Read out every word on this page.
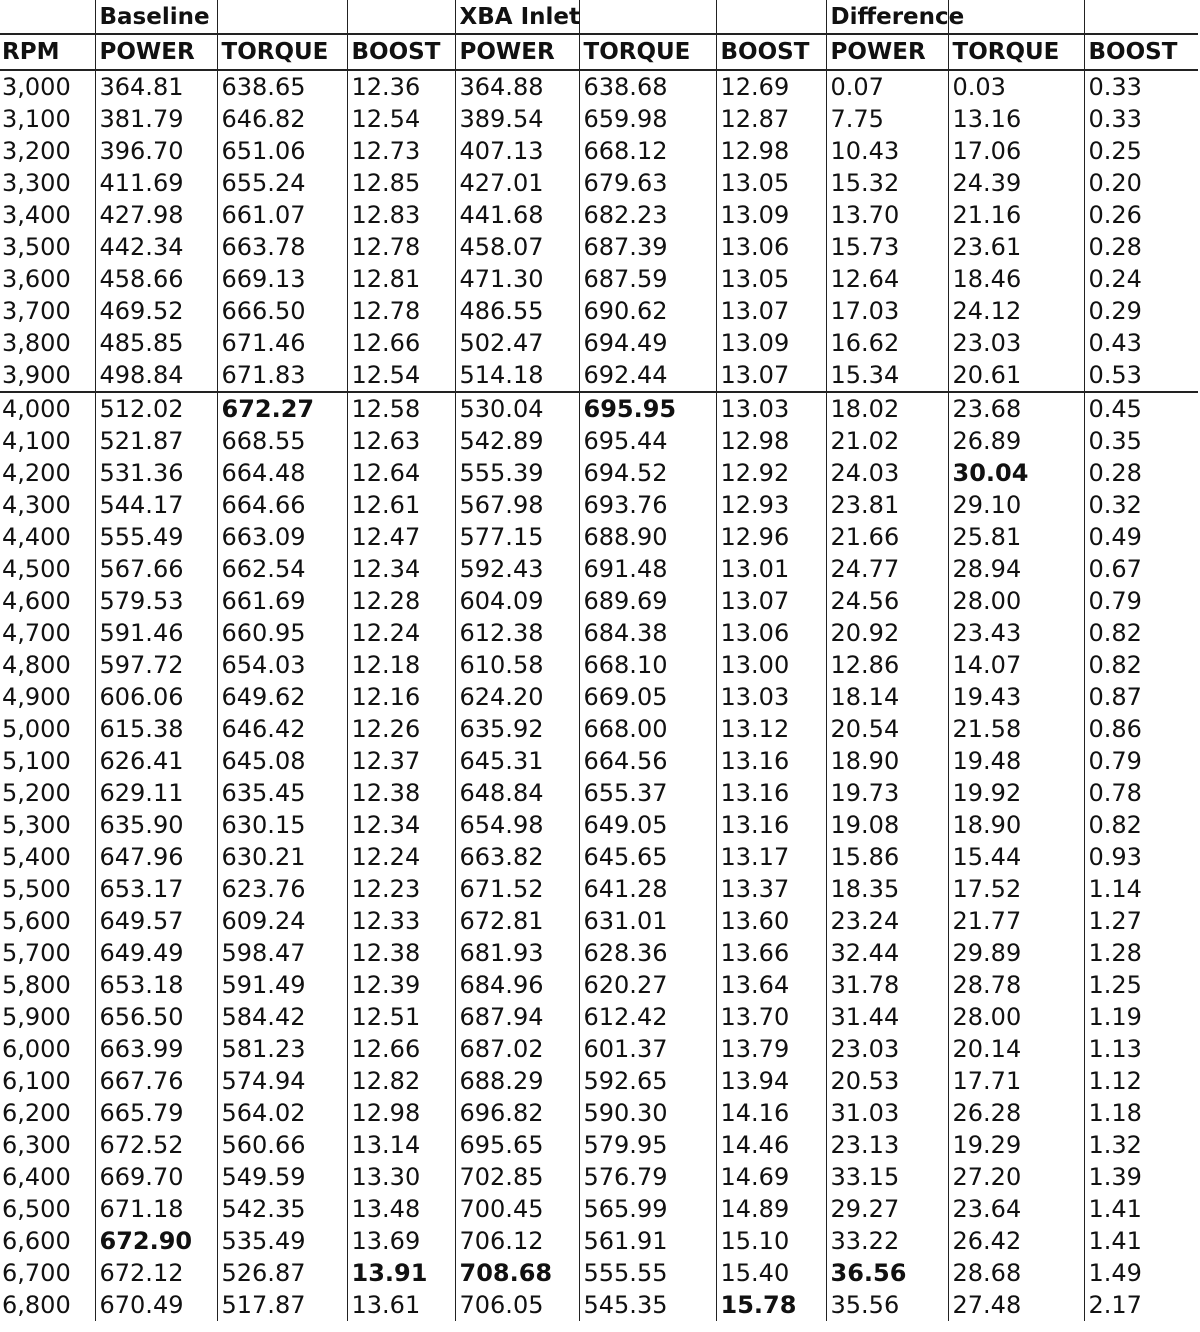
	Baseline			XBA Inlet			Difference		
RPM	POWER	TORQUE	BOOST	POWER	TORQUE	BOOST	POWER	TORQUE	BOOST
3,000	364.81	638.65	12.36	364.88	638.68	12.69	0.07	0.03	0.33
3,100	381.79	646.82	12.54	389.54	659.98	12.87	7.75	13.16	0.33
3,200	396.70	651.06	12.73	407.13	668.12	12.98	10.43	17.06	0.25
3,300	411.69	655.24	12.85	427.01	679.63	13.05	15.32	24.39	0.20
3,400	427.98	661.07	12.83	441.68	682.23	13.09	13.70	21.16	0.26
3,500	442.34	663.78	12.78	458.07	687.39	13.06	15.73	23.61	0.28
3,600	458.66	669.13	12.81	471.30	687.59	13.05	12.64	18.46	0.24
3,700	469.52	666.50	12.78	486.55	690.62	13.07	17.03	24.12	0.29
3,800	485.85	671.46	12.66	502.47	694.49	13.09	16.62	23.03	0.43
3,900	498.84	671.83	12.54	514.18	692.44	13.07	15.34	20.61	0.53
4,000	512.02	672.27	12.58	530.04	695.95	13.03	18.02	23.68	0.45
4,100	521.87	668.55	12.63	542.89	695.44	12.98	21.02	26.89	0.35
4,200	531.36	664.48	12.64	555.39	694.52	12.92	24.03	30.04	0.28
4,300	544.17	664.66	12.61	567.98	693.76	12.93	23.81	29.10	0.32
4,400	555.49	663.09	12.47	577.15	688.90	12.96	21.66	25.81	0.49
4,500	567.66	662.54	12.34	592.43	691.48	13.01	24.77	28.94	0.67
4,600	579.53	661.69	12.28	604.09	689.69	13.07	24.56	28.00	0.79
4,700	591.46	660.95	12.24	612.38	684.38	13.06	20.92	23.43	0.82
4,800	597.72	654.03	12.18	610.58	668.10	13.00	12.86	14.07	0.82
4,900	606.06	649.62	12.16	624.20	669.05	13.03	18.14	19.43	0.87
5,000	615.38	646.42	12.26	635.92	668.00	13.12	20.54	21.58	0.86
5,100	626.41	645.08	12.37	645.31	664.56	13.16	18.90	19.48	0.79
5,200	629.11	635.45	12.38	648.84	655.37	13.16	19.73	19.92	0.78
5,300	635.90	630.15	12.34	654.98	649.05	13.16	19.08	18.90	0.82
5,400	647.96	630.21	12.24	663.82	645.65	13.17	15.86	15.44	0.93
5,500	653.17	623.76	12.23	671.52	641.28	13.37	18.35	17.52	1.14
5,600	649.57	609.24	12.33	672.81	631.01	13.60	23.24	21.77	1.27
5,700	649.49	598.47	12.38	681.93	628.36	13.66	32.44	29.89	1.28
5,800	653.18	591.49	12.39	684.96	620.27	13.64	31.78	28.78	1.25
5,900	656.50	584.42	12.51	687.94	612.42	13.70	31.44	28.00	1.19
6,000	663.99	581.23	12.66	687.02	601.37	13.79	23.03	20.14	1.13
6,100	667.76	574.94	12.82	688.29	592.65	13.94	20.53	17.71	1.12
6,200	665.79	564.02	12.98	696.82	590.30	14.16	31.03	26.28	1.18
6,300	672.52	560.66	13.14	695.65	579.95	14.46	23.13	19.29	1.32
6,400	669.70	549.59	13.30	702.85	576.79	14.69	33.15	27.20	1.39
6,500	671.18	542.35	13.48	700.45	565.99	14.89	29.27	23.64	1.41
6,600	672.90	535.49	13.69	706.12	561.91	15.10	33.22	26.42	1.41
6,700	672.12	526.87	13.91	708.68	555.55	15.40	36.56	28.68	1.49
6,800	670.49	517.87	13.61	706.05	545.35	15.78	35.56	27.48	2.17
